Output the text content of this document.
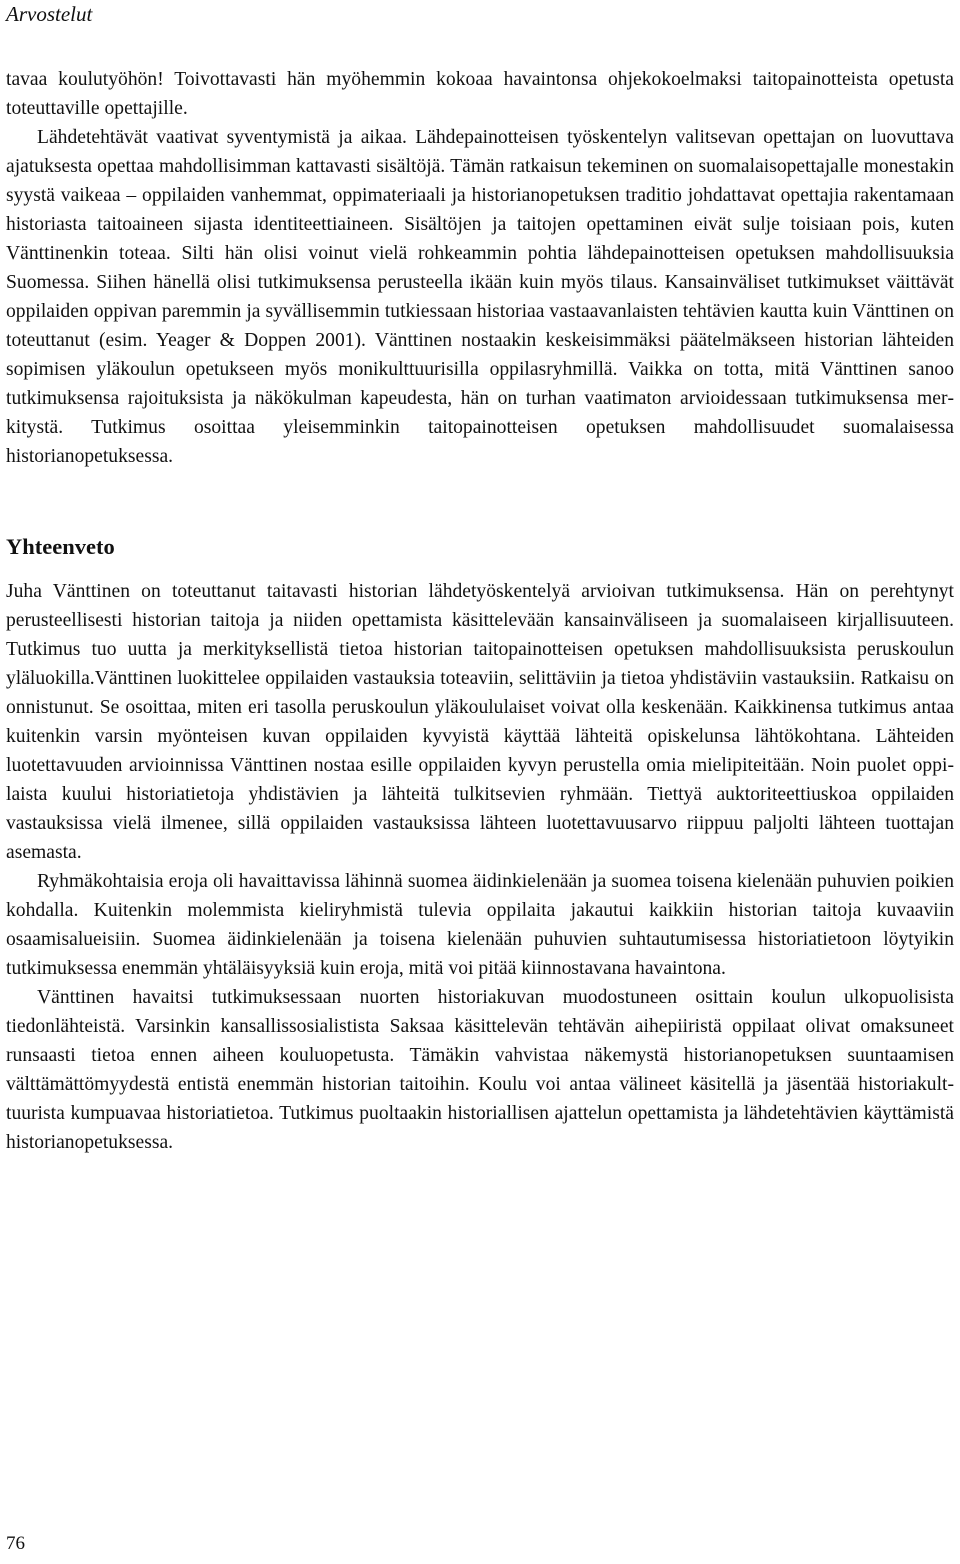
Arvostelut

tavaa koulutyöhön! Toivottavasti hän myöhemmin kokoaa havaintonsa ohjekokoelmaksi taitopainotteista opetusta toteuttaville opettajille.

Lähdetehtävät vaativat syventymistä ja aikaa. Lähdepainotteisen työskentelyn valitsevan opettajan on luovuttava ajatuksesta opettaa mahdollisimman kattavasti sisältöjä. Tämän ratkaisun tekeminen on suomalaisopettajalle monestakin syystä vaikeaa – oppilaiden vanhemmat, oppimateriaali ja historianopetuksen traditio johdattavat opettajia rakentamaan historiasta taitoaineen sijasta identiteettiaineen. Sisältöjen ja taitojen opettaminen eivät sulje toisiaan pois, kuten Vänttinenkin toteaa. Silti hän olisi voinut vielä rohkeammin pohtia lähdepainotteisen opetuksen mahdollisuuksia Suomessa. Siihen hänellä olisi tutkimuksensa perusteella ikään kuin myös tilaus. Kansainväliset tutkimukset väittävät oppilaiden oppivan paremmin ja syvällisemmin tutkiessaan historiaa vastaavanlaisten tehtävien kautta kuin Vänttinen on toteuttanut (esim. Yeager & Doppen 2001). Vänttinen nostaakin keskeisimmäksi päätelmäkseen historian lähteiden sopimisen yläkoulun opetukseen myös monikulttuurisilla oppilasryhmillä. Vaikka on totta, mitä Vänttinen sanoo tutkimuksensa rajoituksista ja näkökulman kapeudesta, hän on turhan vaatimaton arvioidessaan tutkimuksensa merkitystä. Tutkimus osoittaa yleisemminkin taitopainotteisen opetuksen mahdollisuudet suomalaisessa historianopetuksessa.

Yhteenveto

Juha Vänttinen on toteuttanut taitavasti historian lähdetyöskentelyä arvioivan tutkimuksensa. Hän on perehtynyt perusteellisesti historian taitoja ja niiden opettamista käsittelevään kansainväliseen ja suomalaiseen kirjallisuuteen. Tutkimus tuo uutta ja merkityksellistä tietoa historian taitopainotteisen opetuksen mahdollisuuksista peruskoulun yläluokilla.Vänttinen luokittelee oppilaiden vastauksia toteaviin, selittäviin ja tietoa yhdistäviin vastauksiin. Ratkaisu on onnistunut. Se osoittaa, miten eri tasolla peruskoulun yläkoululaiset voivat olla keskenään. Kaikkinensa tutkimus antaa kuitenkin varsin myönteisen kuvan oppilaiden kyvyistä käyttää lähteitä opiskelunsa lähtökohtana. Lähteiden luotettavuuden arvioinnissa Vänttinen nostaa esille oppilaiden kyvyn perustella omia mielipiteitään. Noin puolet oppilaista kuului historiatietoja yhdistävien ja lähteitä tulkitsevien ryhmään. Tiettyä auktoriteettiuskoa oppilaiden vastauksissa vielä ilmenee, sillä oppilaiden vastauksissa lähteen luotettavuusarvo riippuu paljolti lähteen tuottajan asemasta.

Ryhmäkohtaisia eroja oli havaittavissa lähinnä suomea äidinkielenään ja suomea toisena kielenään puhuvien poikien kohdalla. Kuitenkin molemmista kieliryhmistä tulevia oppilaita jakautui kaikkiin historian taitoja kuvaaviin osaamisalueisiin. Suomea äidinkielenään ja toisena kielenään puhuvien suhtautumisessa historiatietoon löytyikin tutkimuksessa enemmän yhtäläisyyksiä kuin eroja, mitä voi pitää kiinnostavana havaintona.

Vänttinen havaitsi tutkimuksessaan nuorten historiakuvan muodostuneen osittain koulun ulkopuolisista tiedonlähteistä. Varsinkin kansallissosialistista Saksaa käsittelevän tehtävän aihepiiristä oppilaat olivat omaksuneet runsaasti tietoa ennen aiheen kouluopetusta. Tämäkin vahvistaa näkemystä historianopetuksen suuntaamisen välttämättömyydestä entistä enemmän historian taitoihin. Koulu voi antaa välineet käsitellä ja jäsentää historiakulttuurista kumpuavaa historiatietoa. Tutkimus puoltaakin historiallisen ajattelun opettamista ja lähdetehtävien käyttämistä historianopetuksessa.

76
